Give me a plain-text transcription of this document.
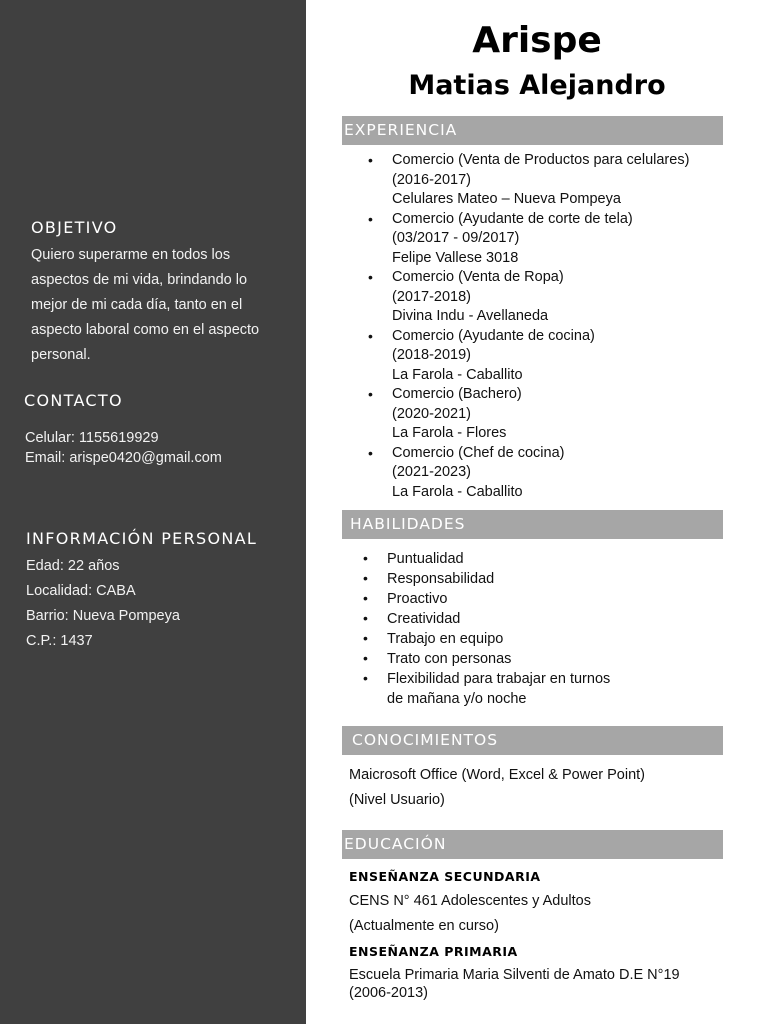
OBJETIVO
Quiero superarme en todos los
aspectos de mi vida, brindando lo
mejor de mi cada día, tanto en el
aspecto laboral como en el aspecto
personal.
CONTACTO
Celular: 1155619929
Email: arispe0420@gmail.com
INFORMACIÓN PERSONAL
Edad: 22 años
Localidad: CABA
Barrio: Nueva Pompeya
C.P.: 1437
Arispe
Matias Alejandro
EXPERIENCIA
• Comercio (Venta de Productos para celulares)
(2016-2017)
Celulares Mateo – Nueva Pompeya
• Comercio (Ayudante de corte de tela)
(03/2017 - 09/2017)
Felipe Vallese 3018
• Comercio (Venta de Ropa)
(2017-2018)
Divina Indu - Avellaneda
• Comercio (Ayudante de cocina)
(2018-2019)
La Farola - Caballito
• Comercio (Bachero)
(2020-2021)
La Farola - Flores
• Comercio (Chef de cocina)
(2021-2023)
La Farola - Caballito
HABILIDADES
• Puntualidad
• Responsabilidad
• Proactivo
• Creatividad
• Trabajo en equipo
• Trato con personas
• Flexibilidad para trabajar en turnos
de mañana y/o noche
CONOCIMIENTOS
Maicrosoft Office (Word, Excel & Power Point)
(Nivel Usuario)
EDUCACIÓN
ENSEÑANZA SECUNDARIA
CENS N° 461 Adolescentes y Adultos
(Actualmente en curso)
ENSEÑANZA PRIMARIA
Escuela Primaria Maria Silventi de Amato D.E N°19
(2006-2013)
